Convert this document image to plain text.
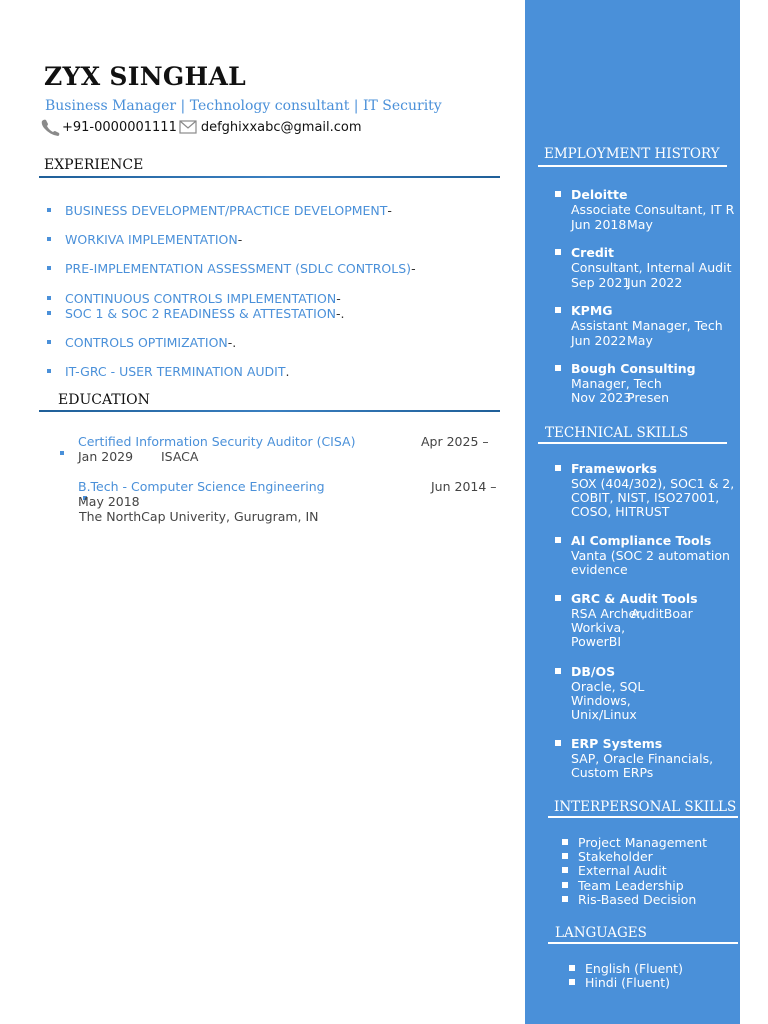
ZYX SINGHAL
Business Manager | Technology consultant | IT Security
+91-0000001111 defghixxabc@gmail.com
EXPERIENCE
BUSINESS DEVELOPMENT/PRACTICE DEVELOPMENT -
WORKIVA IMPLEMENTATION -
PRE-IMPLEMENTATION ASSESSMENT (SDLC CONTROLS) -
CONTINUOUS CONTROLS IMPLEMENTATION -
SOC 1 & SOC 2 READINESS & ATTESTATION -.
CONTROLS OPTIMIZATION -.
IT-GRC - USER TERMINATION AUDIT .
EDUCATION

Certified Information Security Auditor (CISA)	Apr 2025 –
Jan 2029 ISACA
B.Tech - Computer Science Engineering	Jun 2014 –
May 2018
The NorthCap Univerity, Gurugram, IN
EMPLOYMENT HISTORY
Deloitte
Associate Consultant, IT R
Jun 2018 May
Credit
Consultant, Internal Audit
Sep 2021
Jun 2022
KPMG
Assistant Manager, Tech
Jun 2022 May
Bough Consulting
Manager, Tech
Nov 2023
Presen
TECHNICAL SKILLS
Frameworks
SOX (404/302), SOC1 & 2,
COBIT, NIST, ISO27001,
COSO, HITRUST
AI Compliance Tools
Vanta (SOC 2 automation
evidence
GRC & Audit Tools
RSA Archer,
AuditBoar
Workiva,
PowerBI
DB/OS
Oracle, SQL
Windows,
Unix/Linux
ERP Systems
SAP, Oracle Financials,
Custom ERPs
INTERPERSONAL SKILLS
Project Management
Stakeholder
External Audit
Team Leadership
Ris-Based Decision
LANGUAGES
English (Fluent)
Hindi (Fluent)
